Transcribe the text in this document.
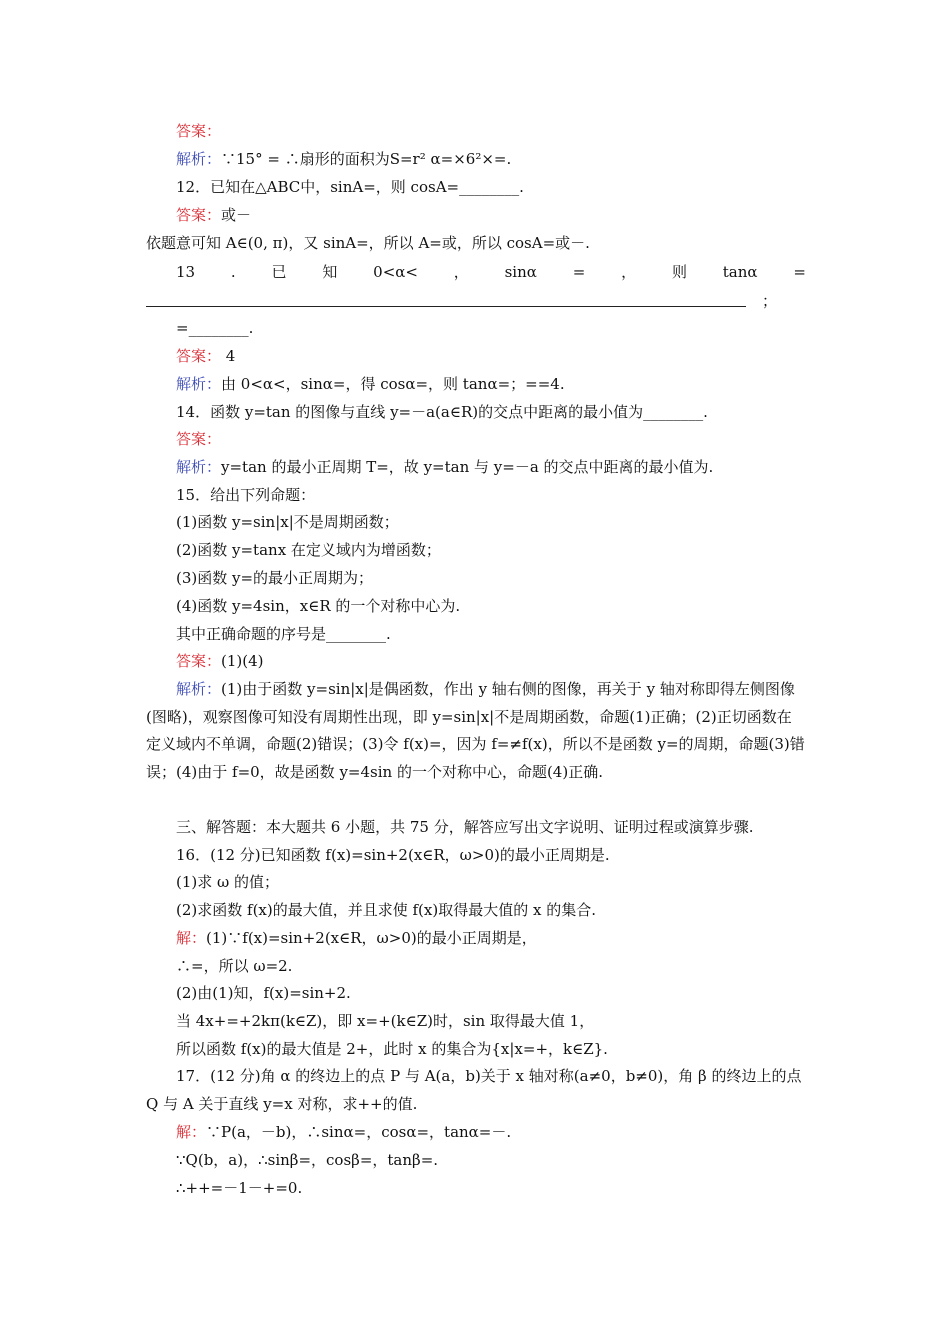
答案：
解析：∵15° = ∴扇形的面积为S=r² α=×6²×=.
12．已知在△ABC中，sinA=，则 cosA=________.
答案：或－
依题意可知 A∈(0, π)，又 sinA=，所以 A=或，所以 cosA=或－.
13 . 已 知 0<α< ， sinα = ， 则 tanα =
；
=________.
答案： 4
解析：由 0<α<，sinα=，得 cosα=，则 tanα=；==4.
14．函数 y=tan 的图像与直线 y=－a(a∈R)的交点中距离的最小值为________.
答案：
解析：y=tan 的最小正周期 T=，故 y=tan 与 y=－a 的交点中距离的最小值为.
15．给出下列命题：
(1)函数 y=sin|x|不是周期函数；
(2)函数 y=tanx 在定义域内为增函数；
(3)函数 y=的最小正周期为；
(4)函数 y=4sin，x∈R 的一个对称中心为.
其中正确命题的序号是________.
答案：(1)(4)
解析：(1)由于函数 y=sin|x|是偶函数，作出 y 轴右侧的图像，再关于 y 轴对称即得左侧图像(图略)，观察图像可知没有周期性出现，即 y=sin|x|不是周期函数，命题(1)正确；(2)正切函数在定义域内不单调，命题(2)错误；(3)令 f(x)=，因为 f=≠f(x)，所以不是函数 y=的周期，命题(3)错误；(4)由于 f=0，故是函数 y=4sin 的一个对称中心，命题(4)正确.
三、解答题：本大题共 6 小题，共 75 分，解答应写出文字说明、证明过程或演算步骤.
16．(12 分)已知函数 f(x)=sin+2(x∈R，ω>0)的最小正周期是.
(1)求 ω 的值；
(2)求函数 f(x)的最大值，并且求使 f(x)取得最大值的 x 的集合.
解：(1)∵f(x)=sin+2(x∈R，ω>0)的最小正周期是，
∴=，所以 ω=2.
(2)由(1)知，f(x)=sin+2.
当 4x+=+2kπ(k∈Z)，即 x=+(k∈Z)时，sin 取得最大值 1，
所以函数 f(x)的最大值是 2+，此时 x 的集合为{x|x=+，k∈Z}.
17．(12 分)角 α 的终边上的点 P 与 A(a，b)关于 x 轴对称(a≠0，b≠0)，角 β 的终边上的点 Q 与 A 关于直线 y=x 对称，求++的值.
解：∵P(a，－b)，∴sinα=，cosα=，tanα=－.
∵Q(b，a)，∴sinβ=，cosβ=，tanβ=.
∴++=－1－+=0.
